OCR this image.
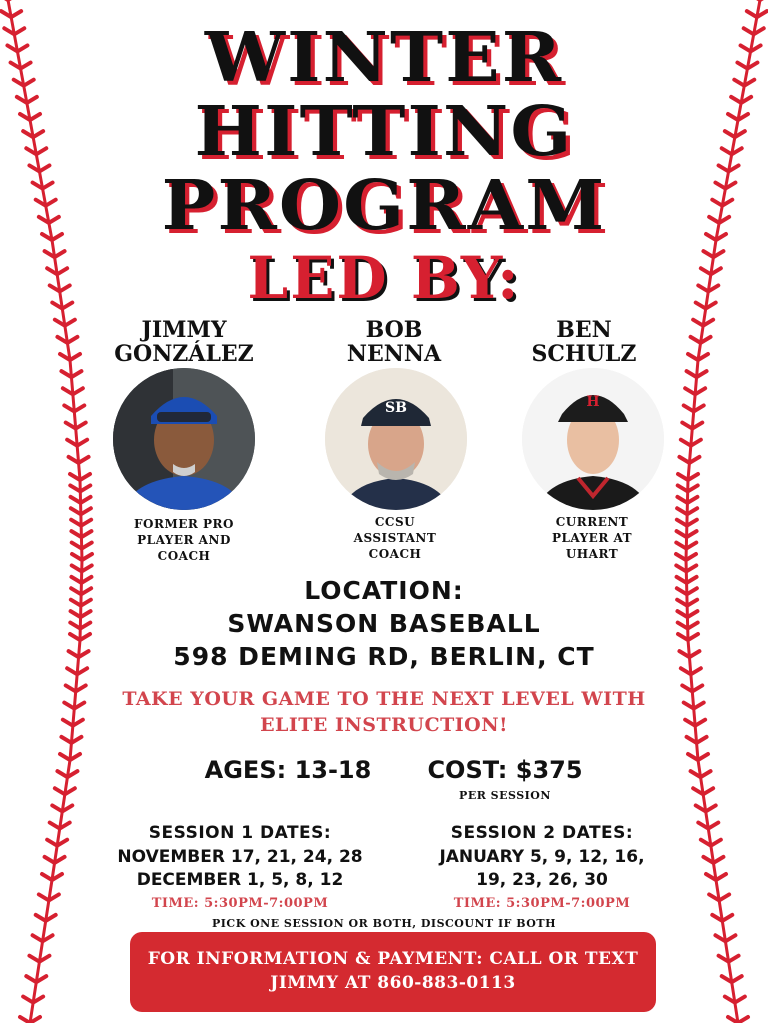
WINTER
HITTING
PROGRAM
LED BY:
JIMMY
GONZÁLEZ
FORMER PRO
PLAYER AND
COACH
BOB
NENNA
SB
CCSU
ASSISTANT
COACH
BEN
SCHULZ
H
CURRENT
PLAYER AT
UHART
LOCATION:
SWANSON BASEBALL
598 DEMING RD, BERLIN, CT
TAKE YOUR GAME TO THE NEXT LEVEL WITH
ELITE INSTRUCTION!
AGES: 13-18	COST: $375
PER SESSION
SESSION 1 DATES:
NOVEMBER 17, 21, 24, 28
DECEMBER 1, 5, 8, 12
TIME: 5:30PM-7:00PM
SESSION 2 DATES:
JANUARY 5, 9, 12, 16,
19, 23, 26, 30
TIME: 5:30PM-7:00PM
PICK ONE SESSION OR BOTH, DISCOUNT IF BOTH
FOR INFORMATION & PAYMENT: CALL OR TEXT
JIMMY AT 860-883-0113
